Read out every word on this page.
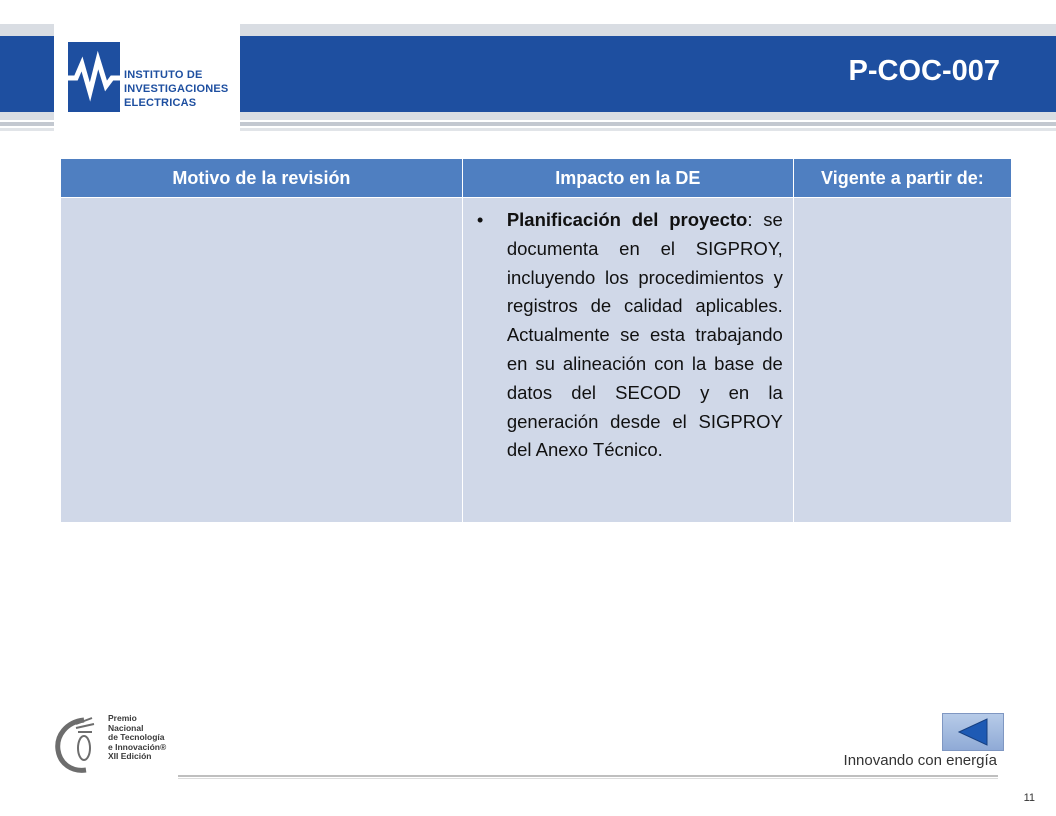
INSTITUTO DE
INVESTIGACIONES
ELECTRICAS
P-COC-007
Motivo de la revisión	Impacto en la DE	Vigente a partir de:

	• Planificación del proyecto: se documenta en el SIGPROY, incluyendo los procedimientos y registros de calidad aplicables. Actualmente se esta trabajando en su alineación con la base de datos del SECOD y en la generación desde el SIGPROY del Anexo Técnico.	

Premio
Nacional
de Tecnología
e Innovación®
XII Edición	Innovando con energía
11
